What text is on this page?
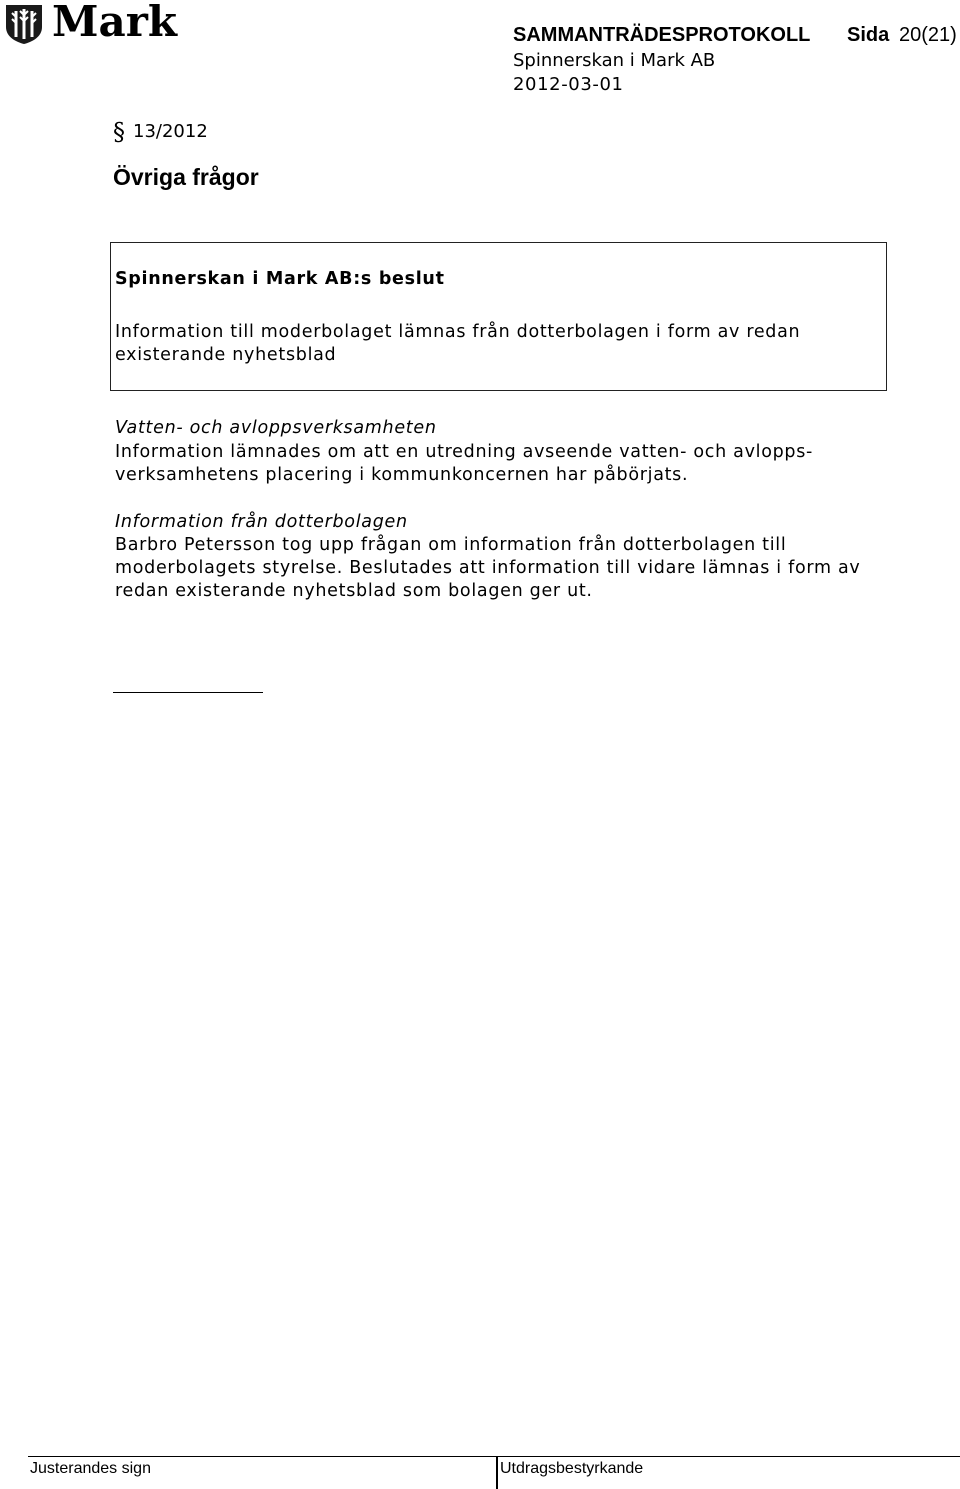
Mark	SAMMANTRÄDESPROTOKOLL Sida 20(21)
Spinnerskan i Mark AB
2012-03-01
§ 13/2012
Övriga frågor
Spinnerskan i Mark AB:s beslut
Information till moderbolaget lämnas från dotterbolagen i form av redan
existerande nyhetsblad
Vatten- och avloppsverksamheten
Information lämnades om att en utredning avseende vatten- och avlopps-
verksamhetens placering i kommunkoncernen har påbörjats.
Information från dotterbolagen
Barbro Petersson tog upp frågan om information från dotterbolagen till
moderbolagets styrelse. Beslutades att information till vidare lämnas i form av
redan existerande nyhetsblad som bolagen ger ut.
Justerandes sign	Utdragsbestyrkande
